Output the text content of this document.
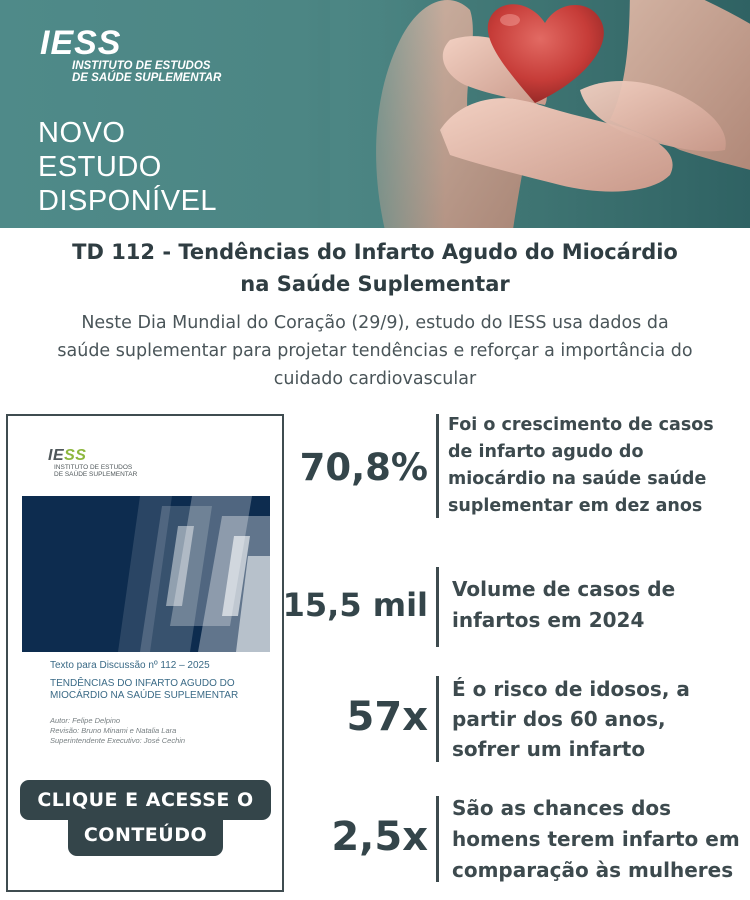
IESS
INSTITUTO DE ESTUDOS
DE SAÚDE SUPLEMENTAR
NOVO
ESTUDO
DISPONÍVEL
TD 112 - Tendências do Infarto Agudo do Miocárdio
na Saúde Suplementar
Neste Dia Mundial do Coração (29/9), estudo do IESS usa dados da
saúde suplementar para projetar tendências e reforçar a importância do
cuidado cardiovascular
IESS
INSTITUTO DE ESTUDOS
DE SAÚDE SUPLEMENTAR
Texto para Discussão nº 112 – 2025
TENDÊNCIAS DO INFARTO AGUDO DO
MIOCÁRDIO NA SAÚDE SUPLEMENTAR
Autor: Felipe Delpino
Revisão: Bruno Minami e Natalia Lara
Superintendente Executivo: José Cechin
CONTEÚDO
CLIQUE E ACESSE O
70,8%
Foi o crescimento de casos
de infarto agudo do
miocárdio na saúde saúde
suplementar em dez anos
15,5 mil Volume de casos de
infartos em 2024
57x
É o risco de idosos, a
partir dos 60 anos,
sofrer um infarto
2,5x
São as chances dos
homens terem infarto em
comparação às mulheres
